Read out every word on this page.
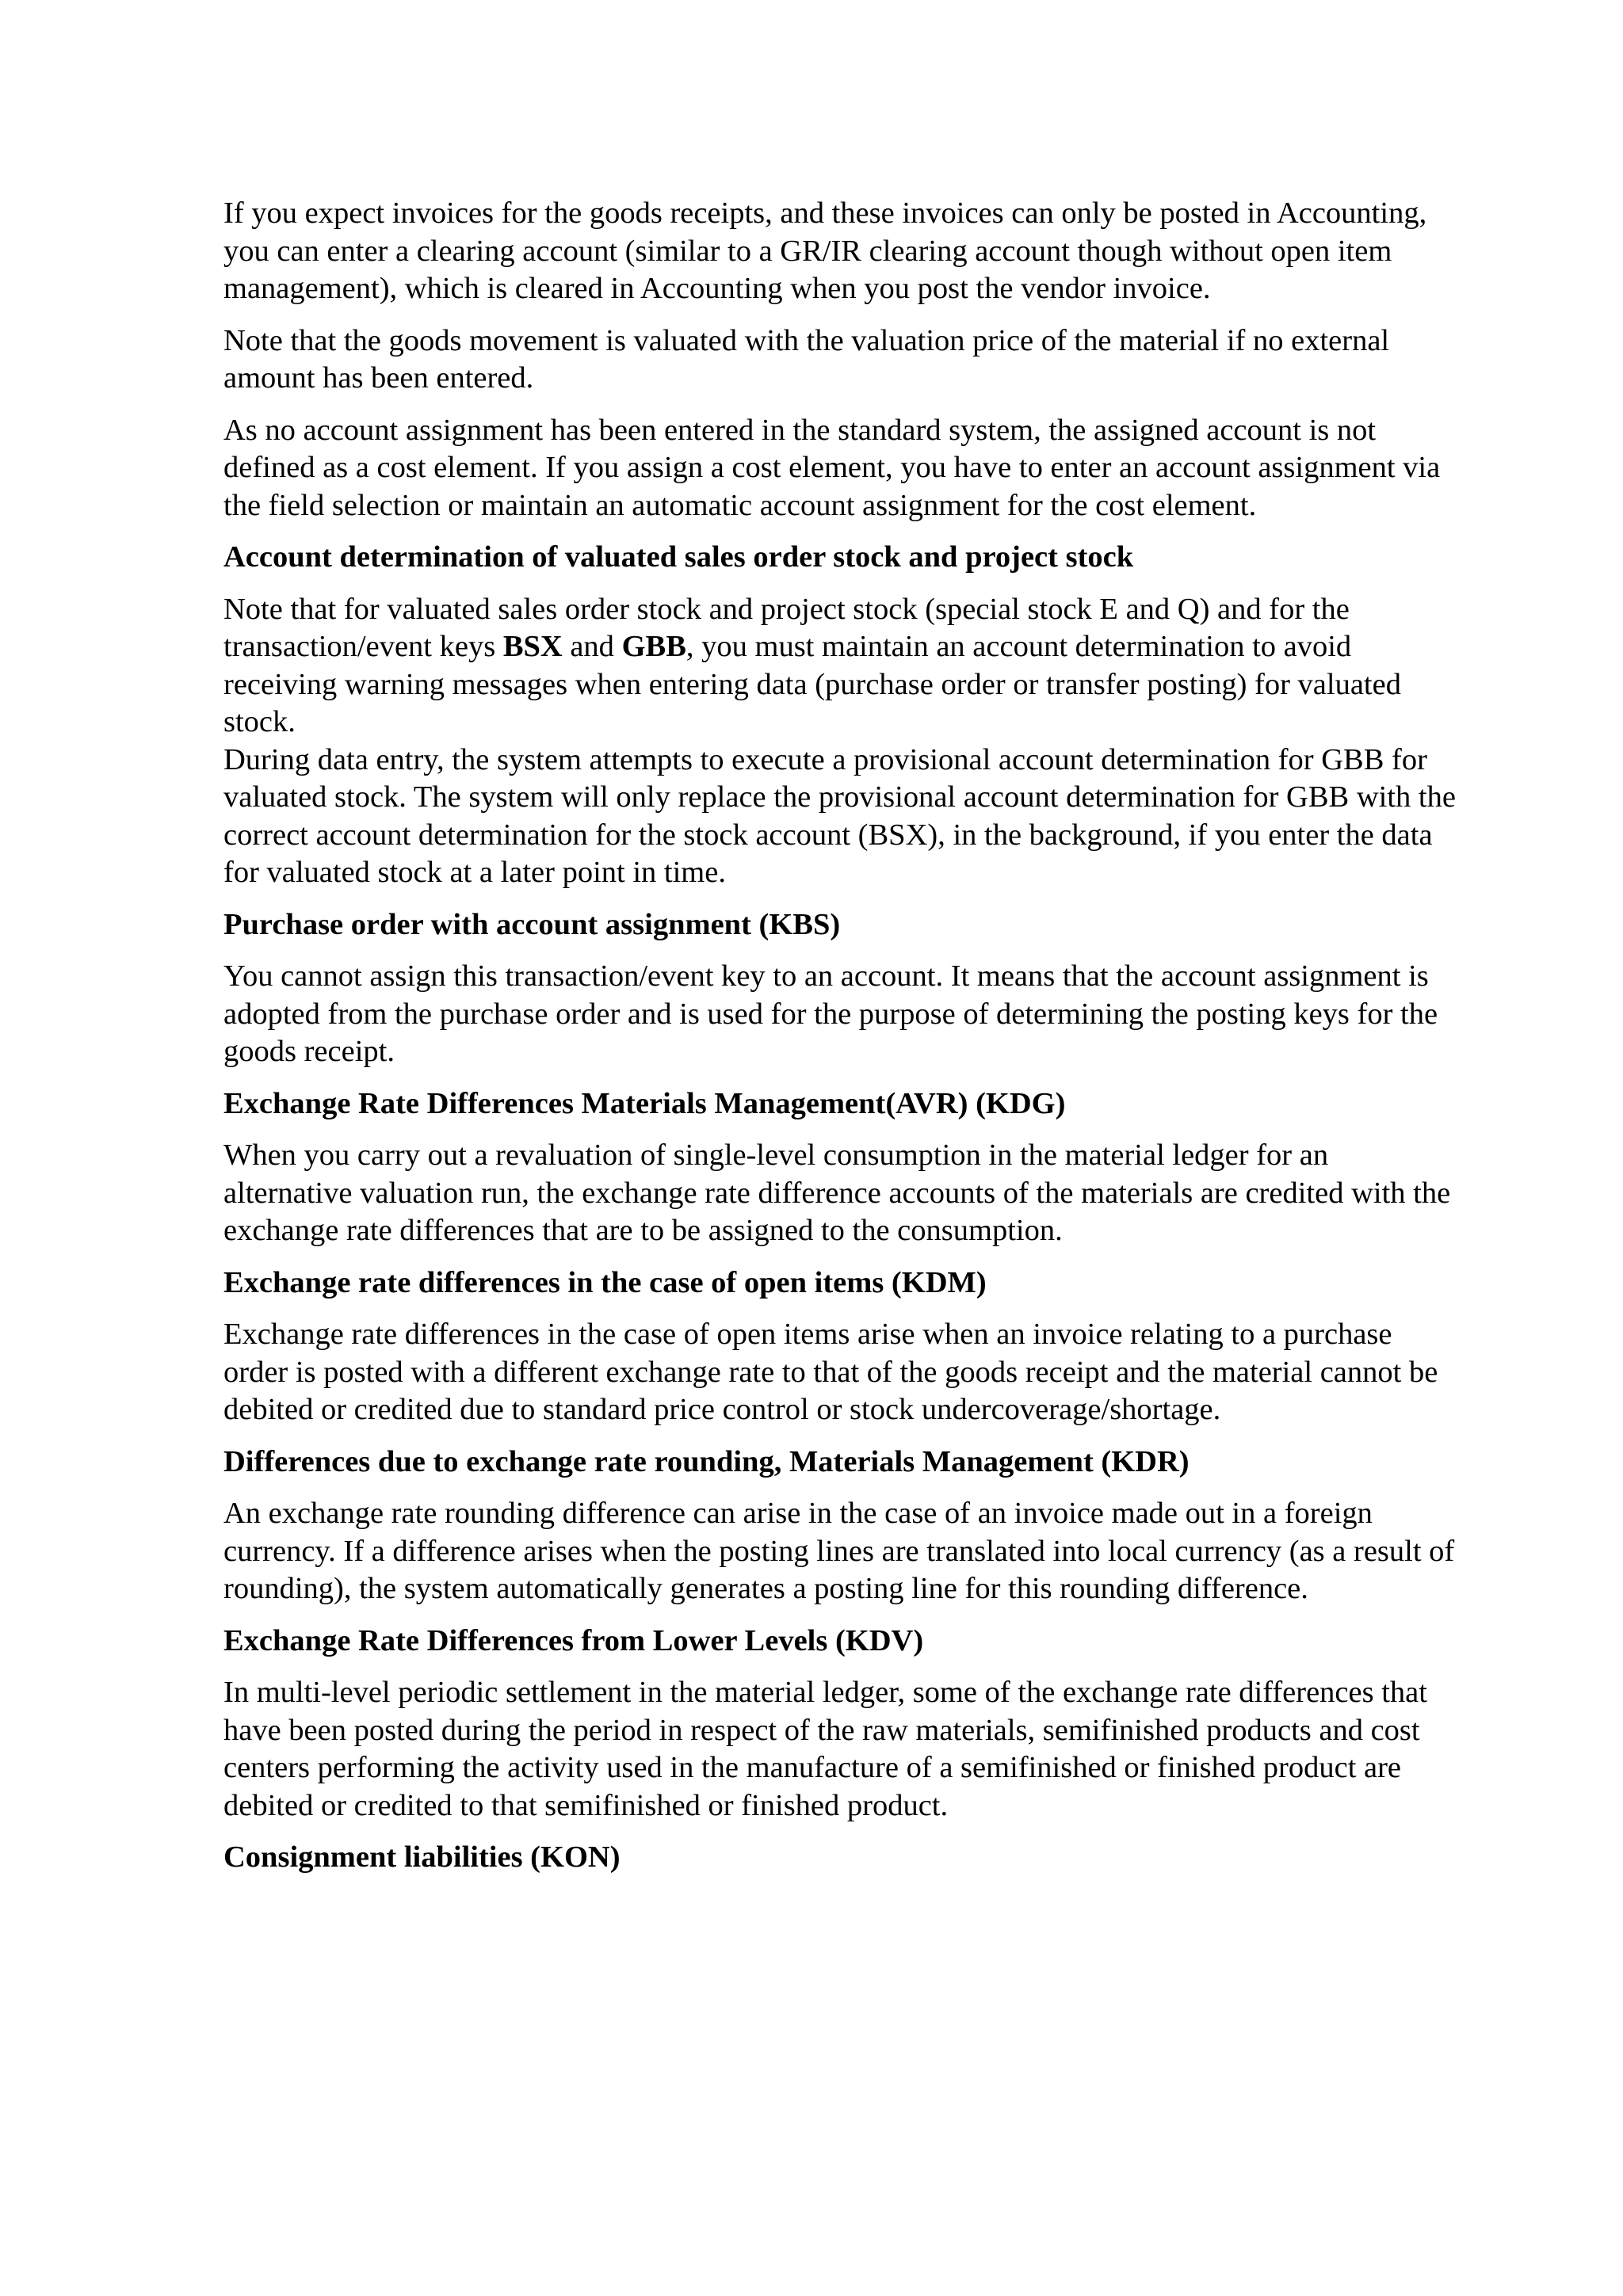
If you expect invoices for the goods receipts, and these invoices can only be posted in Accounting, you can enter a clearing account (similar to a GR/IR clearing account though without open item management), which is cleared in Accounting when you post the vendor invoice.

Note that the goods movement is valuated with the valuation price of the material if no external amount has been entered.

As no account assignment has been entered in the standard system, the assigned account is not defined as a cost element. If you assign a cost element, you have to enter an account assignment via the field selection or maintain an automatic account assignment for the cost element.

Account determination of valuated sales order stock and project stock

Note that for valuated sales order stock and project stock (special stock E and Q) and for the transaction/event keys BSX and GBB, you must maintain an account determination to avoid receiving warning messages when entering data (purchase order or transfer posting) for valuated stock.

During data entry, the system attempts to execute a provisional account determination for GBB for valuated stock. The system will only replace the provisional account determination for GBB with the correct account determination for the stock account (BSX), in the background, if you enter the data for valuated stock at a later point in time.

Purchase order with account assignment (KBS)

You cannot assign this transaction/event key to an account. It means that the account assignment is adopted from the purchase order and is used for the purpose of determining the posting keys for the goods receipt.

Exchange Rate Differences Materials Management(AVR) (KDG)

When you carry out a revaluation of single-level consumption in the material ledger for an alternative valuation run, the exchange rate difference accounts of the materials are credited with the exchange rate differences that are to be assigned to the consumption.

Exchange rate differences in the case of open items (KDM)

Exchange rate differences in the case of open items arise when an invoice relating to a purchase order is posted with a different exchange rate to that of the goods receipt and the material cannot be debited or credited due to standard price control or stock undercoverage/shortage.

Differences due to exchange rate rounding, Materials Management (KDR)

An exchange rate rounding difference can arise in the case of an invoice made out in a foreign currency. If a difference arises when the posting lines are translated into local currency (as a result of rounding), the system automatically generates a posting line for this rounding difference.

Exchange Rate Differences from Lower Levels (KDV)

In multi-level periodic settlement in the material ledger, some of the exchange rate differences that have been posted during the period in respect of the raw materials, semifinished products and cost centers performing the activity used in the manufacture of a semifinished or finished product are debited or credited to that semifinished or finished product.

Consignment liabilities (KON)
